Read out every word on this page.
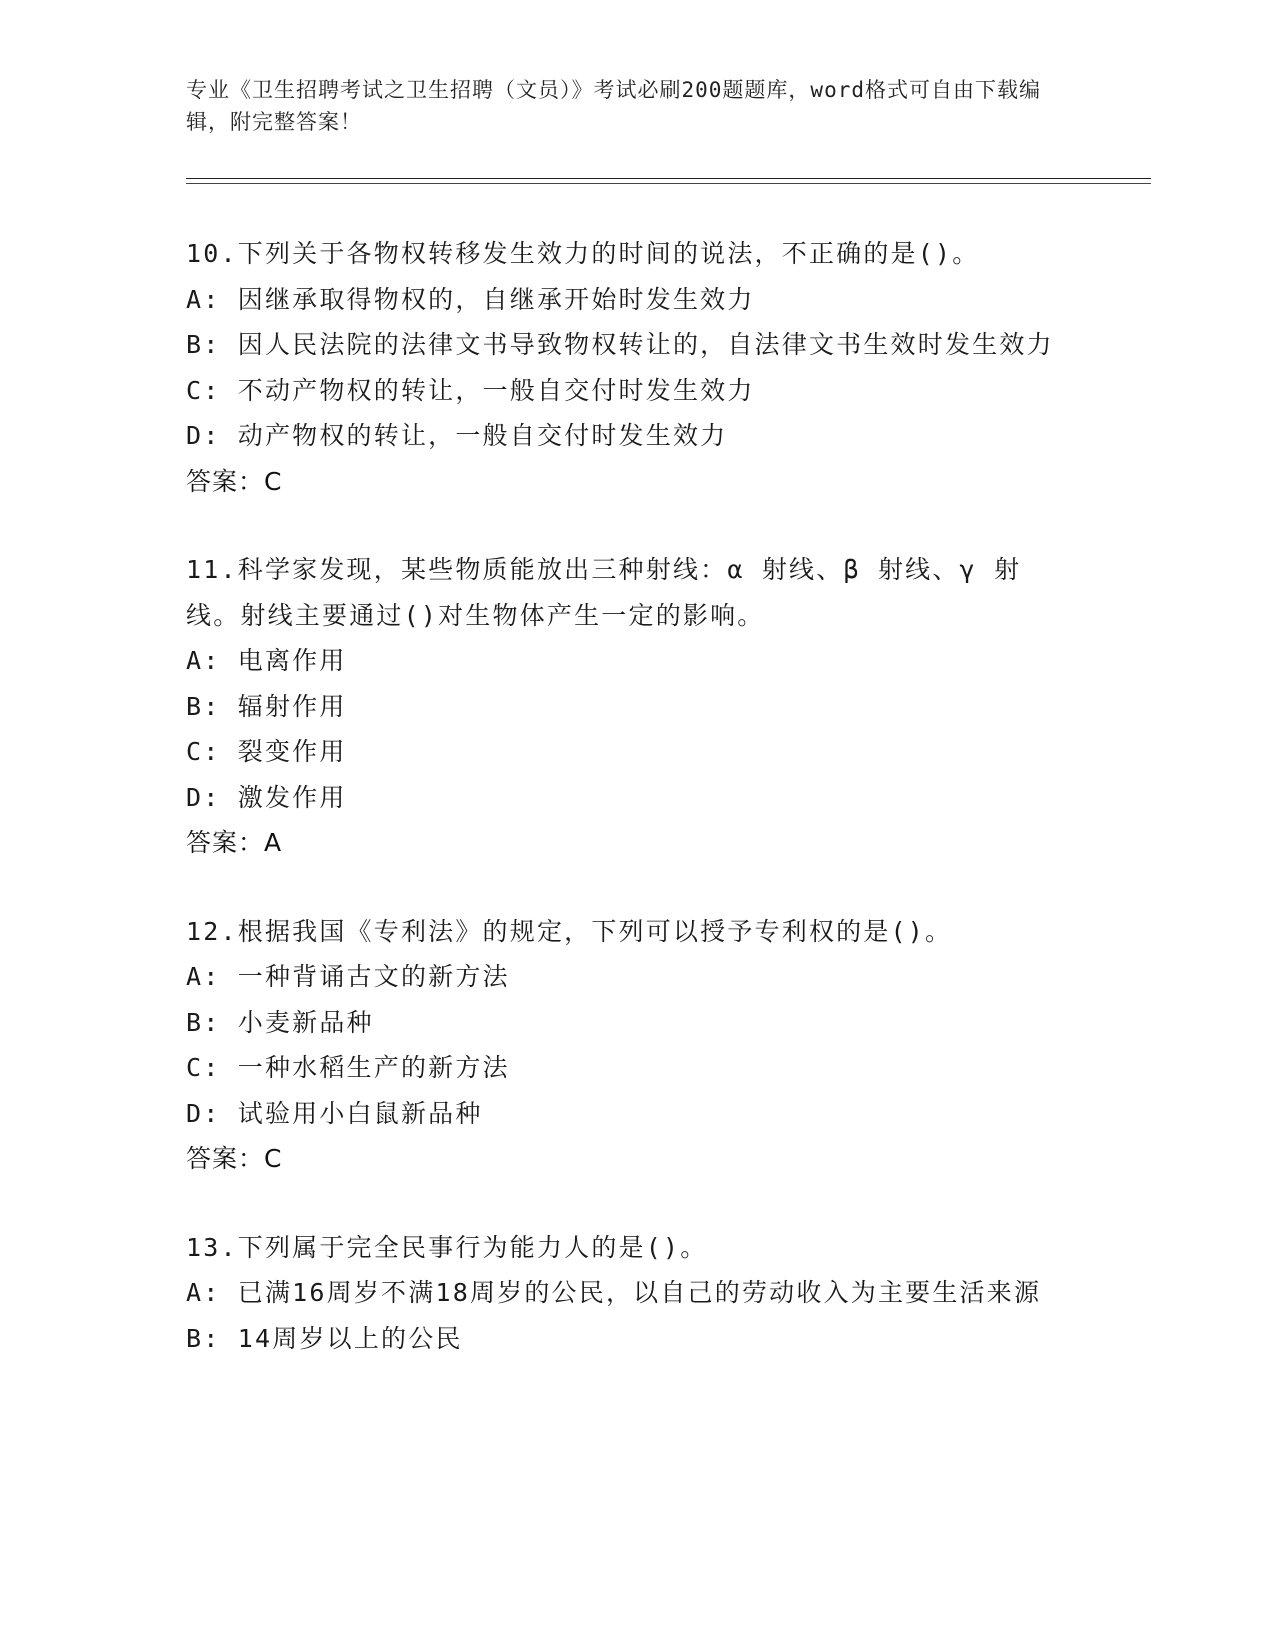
专业《卫生招聘考试之卫生招聘（文员）》考试必刷200题题库，word格式可自由下载编辑，附完整答案！
10.下列关于各物权转移发生效力的时间的说法，不正确的是()。
A: 因继承取得物权的，自继承开始时发生效力
B: 因人民法院的法律文书导致物权转让的，自法律文书生效时发生效力
C: 不动产物权的转让，一般自交付时发生效力
D: 动产物权的转让，一般自交付时发生效力
答案：C
11.科学家发现，某些物质能放出三种射线：α 射线、β 射线、γ 射线。射线主要通过()对生物体产生一定的影响。
A: 电离作用
B: 辐射作用
C: 裂变作用
D: 激发作用
答案：A
12.根据我国《专利法》的规定，下列可以授予专利权的是()。
A: 一种背诵古文的新方法
B: 小麦新品种
C: 一种水稻生产的新方法
D: 试验用小白鼠新品种
答案：C
13.下列属于完全民事行为能力人的是()。
A: 已满16周岁不满18周岁的公民，以自己的劳动收入为主要生活来源
B: 14周岁以上的公民
